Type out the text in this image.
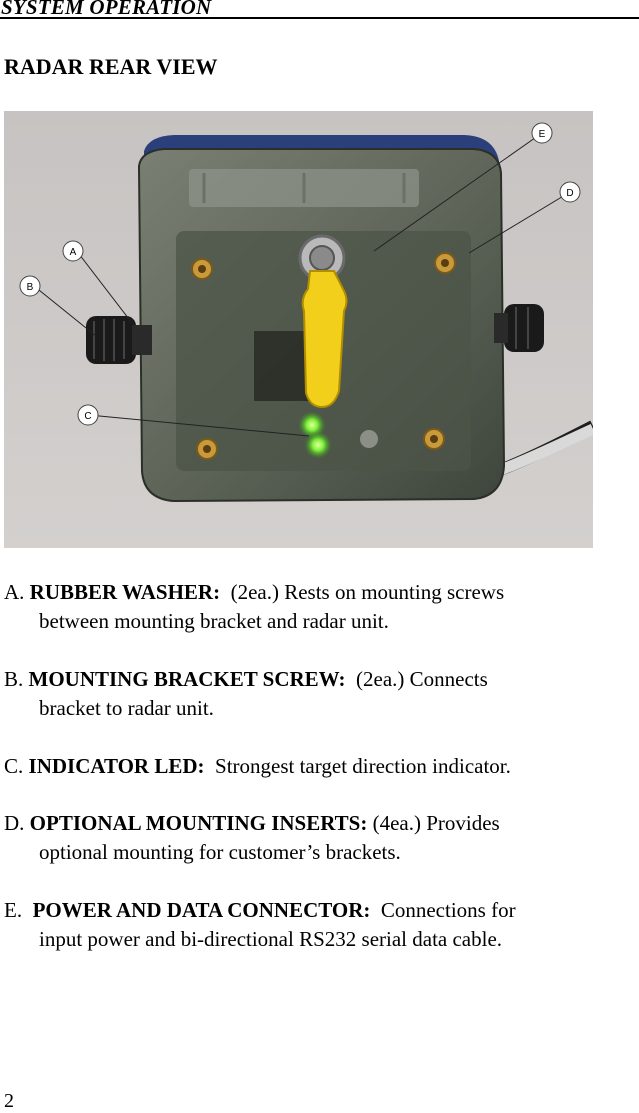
SYSTEM OPERATION
RADAR REAR VIEW
E
D
A
B
C
A. RUBBER WASHER: (2ea.) Rests on mounting screws
between mounting bracket and radar unit.
B. MOUNTING BRACKET SCREW: (2ea.) Connects
bracket to radar unit.
C. INDICATOR LED: Strongest target direction indicator.
D. OPTIONAL MOUNTING INSERTS: (4ea.) Provides
optional mounting for customer’s brackets.
E. POWER AND DATA CONNECTOR: Connections for
input power and bi-directional RS232 serial data cable.
2
